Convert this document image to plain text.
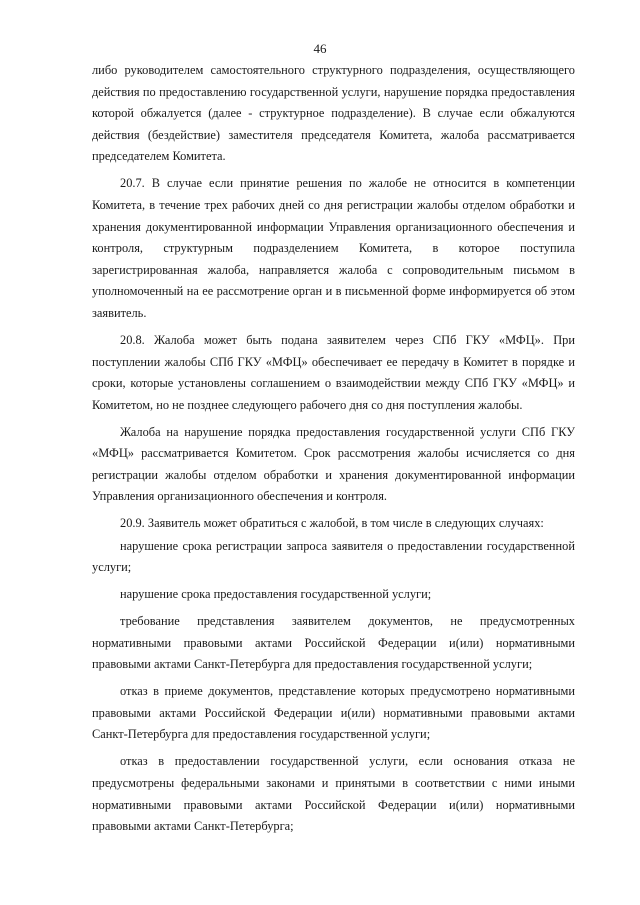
46

либо руководителем самостоятельного структурного подразделения, осуществляющего действия по предоставлению государственной услуги, нарушение порядка предоставления которой обжалуется (далее - структурное подразделение). В случае если обжалуются действия (бездействие) заместителя председателя Комитета, жалоба рассматривается председателем Комитета.

20.7. В случае если принятие решения по жалобе не относится в компетенции Комитета, в течение трех рабочих дней со дня регистрации жалобы отделом обработки и хранения документированной информации Управления организационного обеспечения и контроля, структурным подразделением Комитета, в которое поступила зарегистрированная жалоба, направляется жалоба с сопроводительным письмом в уполномоченный на ее рассмотрение орган и в письменной форме информируется об этом заявитель.

20.8. Жалоба может быть подана заявителем через СПб ГКУ «МФЦ». При поступлении жалобы СПб ГКУ «МФЦ» обеспечивает ее передачу в Комитет в порядке и сроки, которые установлены соглашением о взаимодействии между СПб ГКУ «МФЦ» и Комитетом, но не позднее следующего рабочего дня со дня поступления жалобы.

Жалоба на нарушение порядка предоставления государственной услуги СПб ГКУ «МФЦ» рассматривается Комитетом. Срок рассмотрения жалобы исчисляется со дня регистрации жалобы отделом обработки и хранения документированной информации Управления организационного обеспечения и контроля.

20.9. Заявитель может обратиться с жалобой, в том числе в следующих случаях:

нарушение срока регистрации запроса заявителя о предоставлении государственной услуги;

нарушение срока предоставления государственной услуги;

требование представления заявителем документов, не предусмотренных нормативными правовыми актами Российской Федерации и(или) нормативными правовыми актами Санкт-Петербурга для предоставления государственной услуги;

отказ в приеме документов, представление которых предусмотрено нормативными правовыми актами Российской Федерации и(или) нормативными правовыми актами Санкт-Петербурга для предоставления государственной услуги;

отказ в предоставлении государственной услуги, если основания отказа не предусмотрены федеральными законами и принятыми в соответствии с ними иными нормативными правовыми актами Российской Федерации и(или) нормативными правовыми актами Санкт-Петербурга;
